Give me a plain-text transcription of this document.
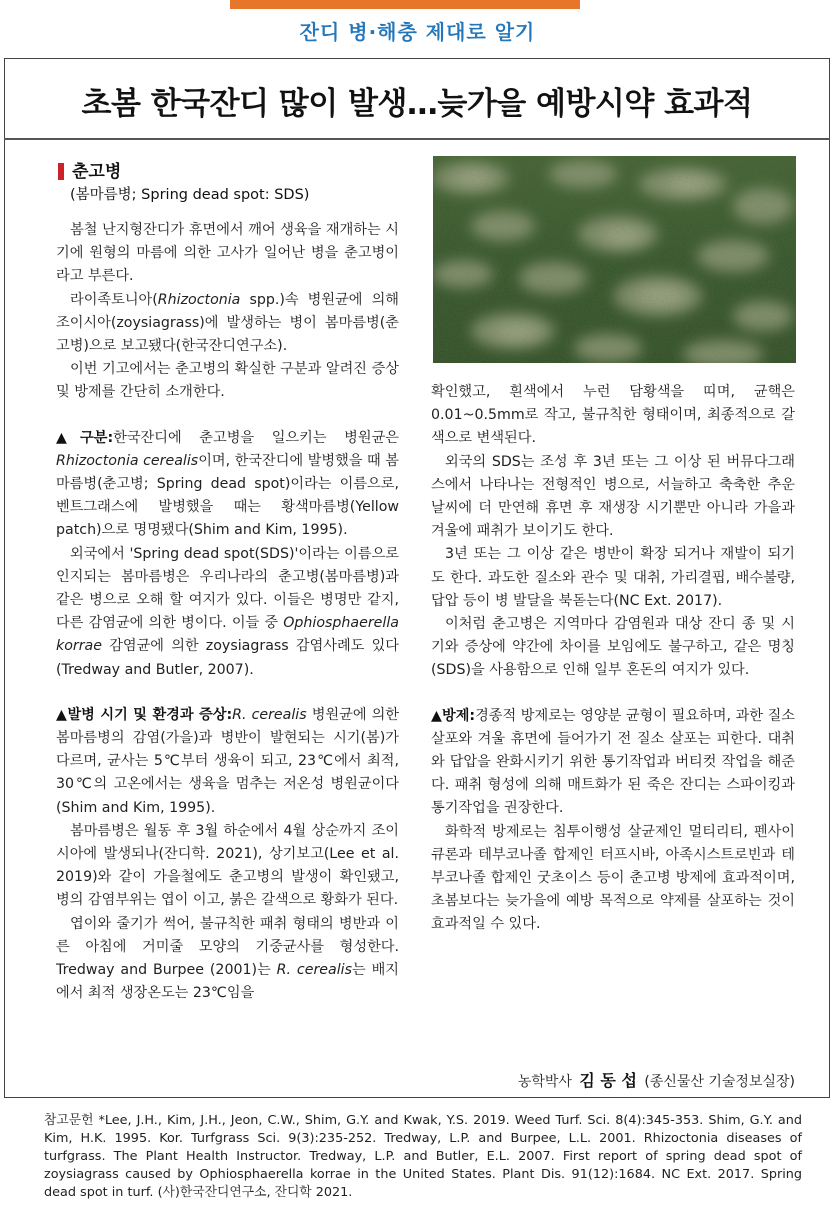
잔디 병·해충 제대로 알기
초봄 한국잔디 많이 발생…늦가을 예방시약 효과적
춘고병
(봄마름병; Spring dead spot: SDS)

봄철 난지형잔디가 휴면에서 깨어 생육을 재개하는 시기에 원형의 마름에 의한 고사가 일어난 병을 춘고병이라고 부른다.

라이족토니아(Rhizoctonia spp.)속 병원균에 의해 조이시아(zoysiagrass)에 발생하는 병이 봄마름병(춘고병)으로 보고됐다(한국잔디연구소).

이번 기고에서는 춘고병의 확실한 구분과 알려진 증상 및 방제를 간단히 소개한다.

▲구분:한국잔디에 춘고병을 일으키는 병원균은 Rhizoctonia cerealis이며, 한국잔디에 발병했을 때 봄마름병(춘고병; Spring dead spot)이라는 이름으로, 벤트그래스에 발병했을 때는 황색마름병(Yellow patch)으로 명명됐다(Shim and Kim, 1995).

외국에서 'Spring dead spot(SDS)'이라는 이름으로 인지되는 봄마름병은 우리나라의 춘고병(봄마름병)과 같은 병으로 오해 할 여지가 있다. 이들은 병명만 같지, 다른 감염균에 의한 병이다. 이들 중 Ophiosphaerella korrae 감염균에 의한 zoysiagrass 감염사례도 있다(Tredway and Butler, 2007).

▲발병 시기 및 환경과 증상:R. cerealis 병원균에 의한 봄마름병의 감염(가을)과 병반이 발현되는 시기(봄)가 다르며, 균사는 5℃부터 생육이 되고, 23℃에서 최적, 30℃의 고온에서는 생육을 멈추는 저온성 병원균이다(Shim and Kim, 1995).

봄마름병은 월동 후 3월 하순에서 4월 상순까지 조이시아에 발생되나(잔디학. 2021), 상기보고(Lee et al. 2019)와 같이 가을철에도 춘고병의 발생이 확인됐고, 병의 감염부위는 엽이 이고, 붉은 갈색으로 황화가 된다.

엽이와 줄기가 썩어, 불규칙한 패취 형태의 병반과 이른 아침에 거미줄 모양의 기중균사를 형성한다. Tredway and Burpee (2001)는 R. cerealis는 배지에서 최적 생장온도는 23℃임을

확인했고, 흰색에서 누런 담황색을 띠며, 균핵은 0.01~0.5mm로 작고, 불규칙한 형태이며, 최종적으로 갈색으로 변색된다.

외국의 SDS는 조성 후 3년 또는 그 이상 된 버뮤다그래스에서 나타나는 전형적인 병으로, 서늘하고 축축한 추운 날씨에 더 만연해 휴면 후 재생장 시기뿐만 아니라 가을과 겨울에 패취가 보이기도 한다.

3년 또는 그 이상 같은 병반이 확장 되거나 재발이 되기도 한다. 과도한 질소와 관수 및 대취, 가리결핍, 배수불량, 답압 등이 병 발달을 북돋는다(NC Ext. 2017).

이처럼 춘고병은 지역마다 감염원과 대상 잔디 종 및 시기와 증상에 약간에 차이를 보임에도 불구하고, 같은 명칭(SDS)을 사용함으로 인해 일부 혼돈의 여지가 있다.

▲방제:경종적 방제로는 영양분 균형이 필요하며, 과한 질소 살포와 겨울 휴면에 들어가기 전 질소 살포는 피한다. 대취와 답압을 완화시키기 위한 통기작업과 버티컷 작업을 해준다. 패취 형성에 의해 매트화가 된 죽은 잔디는 스파이킹과 통기작업을 권장한다.

화학적 방제로는 침투이행성 살균제인 멀티리티, 펜사이큐론과 테부코나졸 합제인 터프시바, 아족시스트로빈과 테부코나졸 합제인 굿초이스 등이 춘고병 방제에 효과적이며, 초봄보다는 늦가을에 예방 목적으로 약제를 살포하는 것이 효과적일 수 있다.

농학박사 김 동 섭 (종신물산 기술정보실장)
참고문헌 *Lee, J.H., Kim, J.H., Jeon, C.W., Shim, G.Y. and Kwak, Y.S. 2019. Weed Turf. Sci. 8(4):345-353. Shim, G.Y. and Kim, H.K. 1995. Kor. Turfgrass Sci. 9(3):235-252. Tredway, L.P. and Burpee, L.L. 2001. Rhizoctonia diseases of turfgrass. The Plant Health Instructor. Tredway, L.P. and Butler, E.L. 2007. First report of spring dead spot of zoysiagrass caused by Ophiosphaerella korrae in the United States. Plant Dis. 91(12):1684. NC Ext. 2017. Spring dead spot in turf. (사)한국잔디연구소, 잔디학 2021.
